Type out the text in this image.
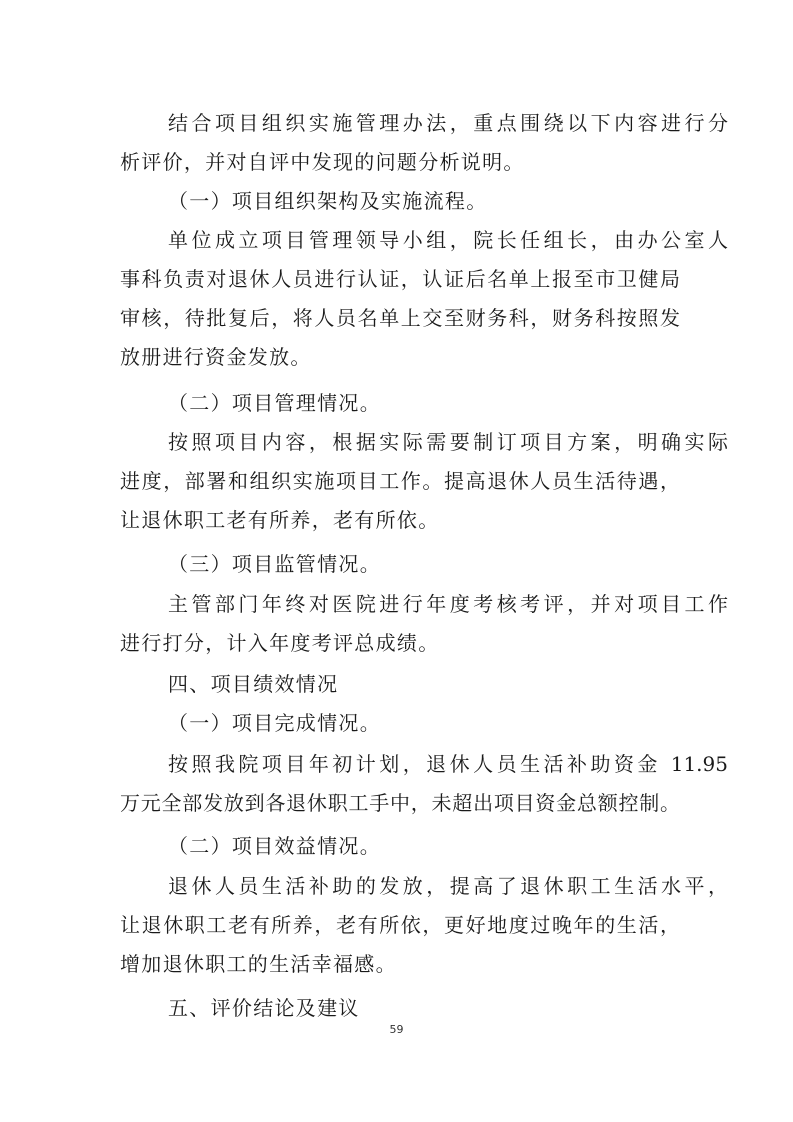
结合项目组织实施管理办法，重点围绕以下内容进行分
析评价，并对自评中发现的问题分析说明。
（一）项目组织架构及实施流程。
单位成立项目管理领导小组，院长任组长，由办公室人
事科负责对退休人员进行认证，认证后名单上报至市卫健局
审核，待批复后，将人员名单上交至财务科，财务科按照发
放册进行资金发放。
（二）项目管理情况。
按照项目内容，根据实际需要制订项目方案，明确实际
进度，部署和组织实施项目工作。提高退休人员生活待遇，
让退休职工老有所养，老有所依。
（三）项目监管情况。
主管部门年终对医院进行年度考核考评，并对项目工作
进行打分，计入年度考评总成绩。
四、项目绩效情况
（一）项目完成情况。
按照我院项目年初计划，退休人员生活补助资金 11.95
万元全部发放到各退休职工手中，未超出项目资金总额控制。
（二）项目效益情况。
退休人员生活补助的发放，提高了退休职工生活水平，
让退休职工老有所养，老有所依，更好地度过晚年的生活，
增加退休职工的生活幸福感。
五、评价结论及建议
59
